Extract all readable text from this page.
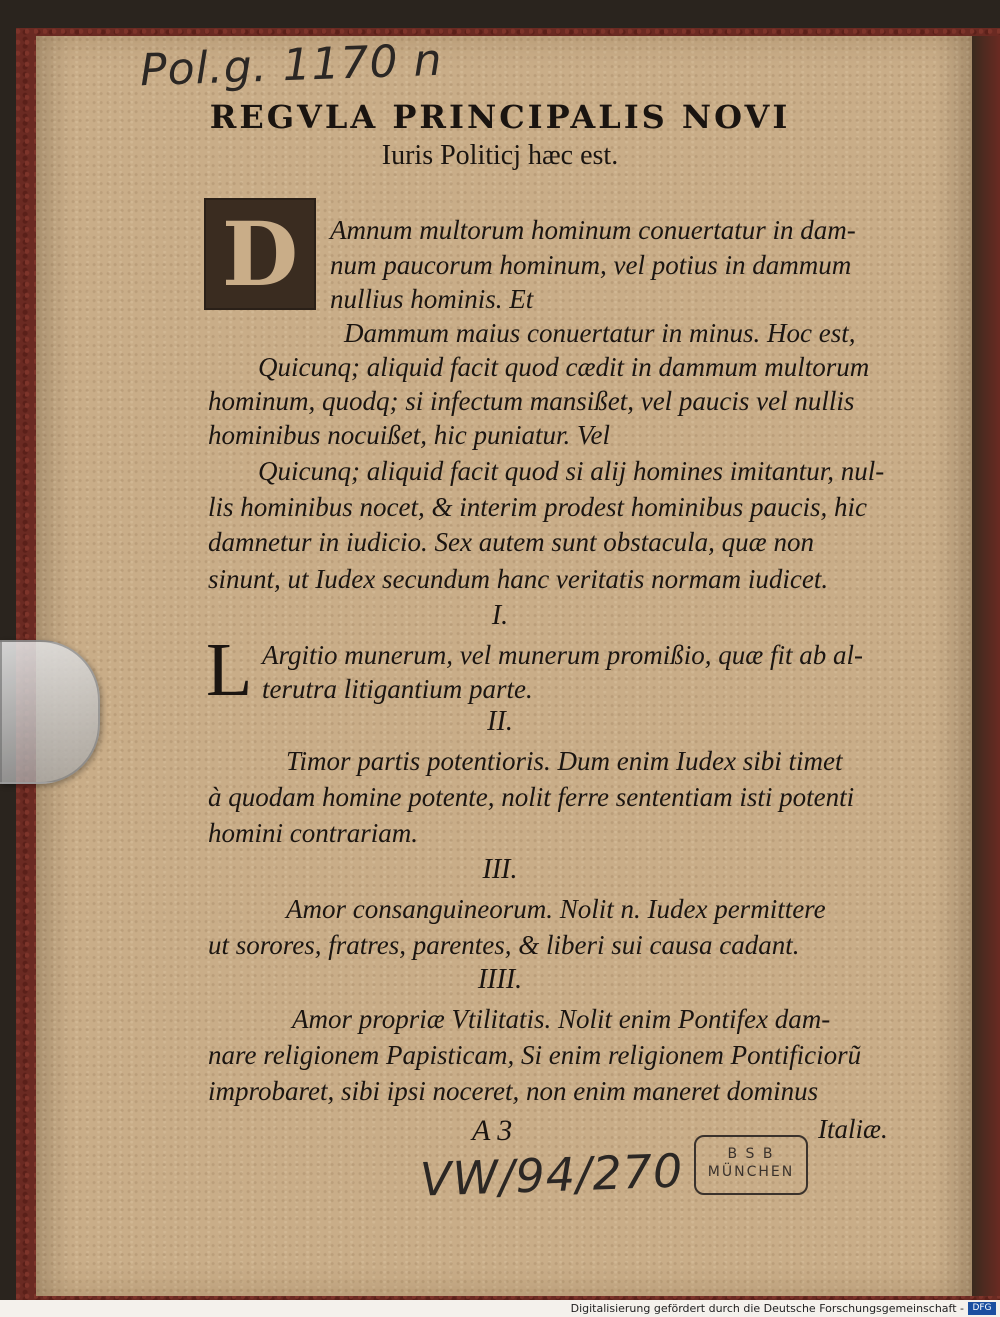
Pol.g. 1170 n
REGVLA PRINCIPALIS NOVI
Iuris Politicj hæc est.
D	Amnum multorum hominum conuertatur in dam-
num paucorum hominum, vel potius in dammum
nullius hominis. Et
Dammum maius conuertatur in minus. Hoc est,
Quicunq; aliquid facit quod cædit in dammum multorum
hominum, quodq; si infectum mansißet, vel paucis vel nullis
hominibus nocuißet, hic puniatur. Vel
Quicunq; aliquid facit quod si alij homines imitantur, nul-
lis hominibus nocet, & interim prodest hominibus paucis, hic
damnetur in iudicio. Sex autem sunt obstacula, quæ non
sinunt, ut Iudex secundum hanc veritatis normam iudicet.
I.
L Argitio munerum, vel munerum promißio, quæ fit ab al-
terutra litigantium parte.
II.
Timor partis potentioris. Dum enim Iudex sibi timet
à quodam homine potente, nolit ferre sententiam isti potenti
homini contrariam.
III.
Amor consanguineorum. Nolit n. Iudex permittere
ut sorores, fratres, parentes, & liberi sui causa cadant.
IIII.
Amor propriæ Vtilitatis. Nolit enim Pontifex dam-
nare religionem Papisticam, Si enim religionem Pontificiorũ
improbaret, sibi ipsi noceret, non enim maneret dominus
A 3	Italiæ.
B S B
MÜNCHEN
VW/94/270
Digitalisierung gefördert durch die Deutsche Forschungsgemeinschaft - DFG
